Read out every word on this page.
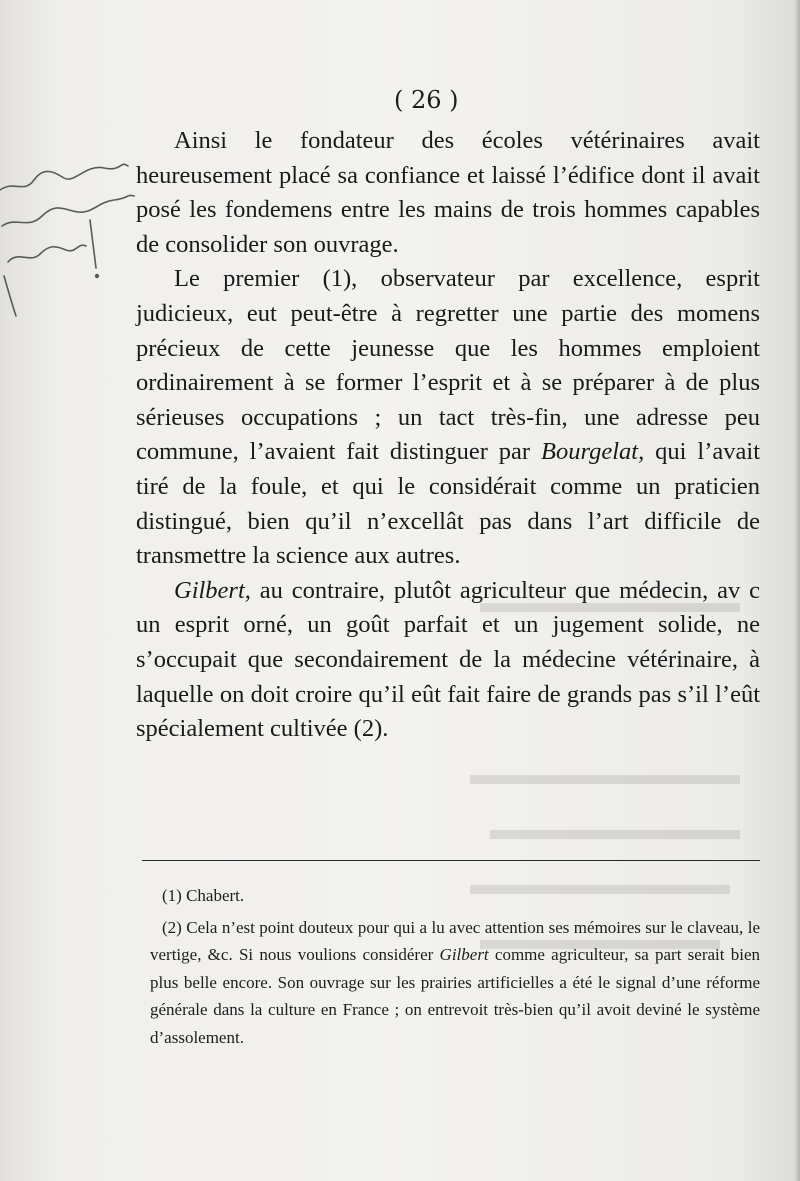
( 26 )

Ainsi le fondateur des écoles vétérinaires avait heureusement placé sa confiance et laissé l’édifice dont il avait posé les fondemens entre les mains de trois hommes capables de consolider son ouvrage.

Le premier (1), observateur par excellence, esprit judicieux, eut peut-être à regretter une partie des momens précieux de cette jeunesse que les hommes emploient ordinairement à se former l’esprit et à se préparer à de plus sérieuses occupations ; un tact très-fin, une adresse peu commune, l’avaient fait distinguer par Bourgelat, qui l’avait tiré de la foule, et qui le considérait comme un praticien distingué, bien qu’il n’excellât pas dans l’art difficile de transmettre la science aux autres.

Gilbert, au contraire, plutôt agriculteur que médecin, av c un esprit orné, un goût parfait et un jugement solide, ne s’occupait que secondairement de la médecine vétérinaire, à laquelle on doit croire qu’il eût fait faire de grands pas s’il l’eût spécialement cultivée (2).

(1) Chabert.

(2) Cela n’est point douteux pour qui a lu avec attention ses mémoires sur le claveau, le vertige, &c. Si nous voulions considérer Gilbert comme agriculteur, sa part serait bien plus belle encore. Son ouvrage sur les prairies artificielles a été le signal d’une réforme générale dans la culture en France ; on entrevoit très-bien qu’il avoit deviné le système d’assolement.
